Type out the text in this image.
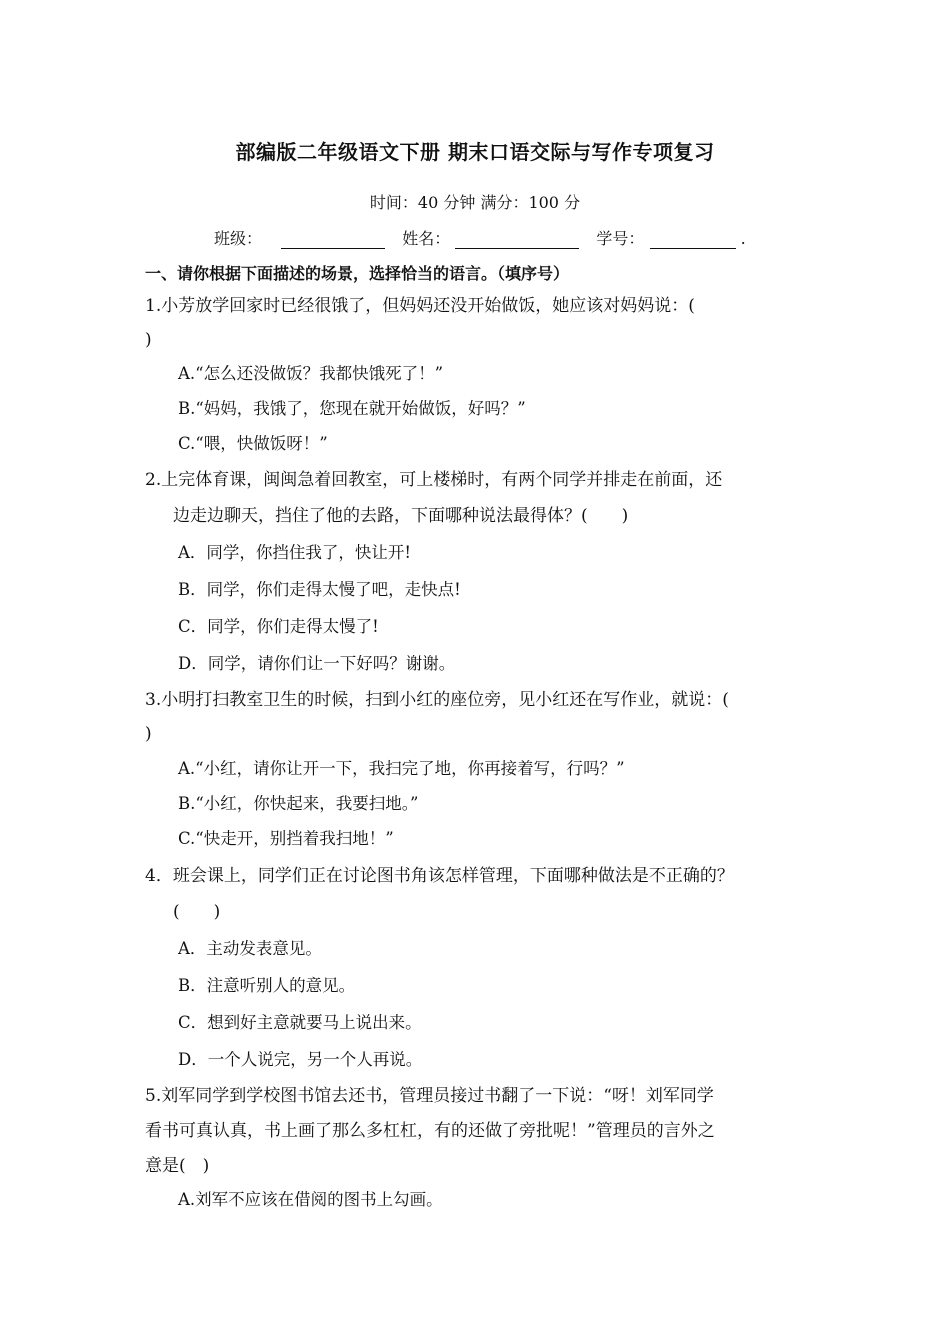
部编版二年级语文下册 期末口语交际与写作专项复习
时间：40 分钟 满分：100 分
班级：	姓名：	学号：	.
一、请你根据下面描述的场景，选择恰当的语言。（填序号）
1.小芳放学回家时已经很饿了，但妈妈还没开始做饭，她应该对妈妈说：(
)
A.“怎么还没做饭？我都快饿死了！”
B.“妈妈，我饿了，您现在就开始做饭，好吗？”
C.“喂，快做饭呀！”
2.上完体育课，闽闽急着回教室，可上楼梯时，有两个同学并排走在前面，还
边走边聊天，挡住了他的去路，下面哪种说法最得体？(　　)
A．同学，你挡住我了，快让开!
B．同学，你们走得太慢了吧，走快点!
C．同学，你们走得太慢了!
D．同学，请你们让一下好吗？谢谢。
3.小明打扫教室卫生的时候，扫到小红的座位旁，见小红还在写作业，就说：(
)
A.“小红，请你让开一下，我扫完了地，你再接着写，行吗？”
B.“小红，你快起来，我要扫地。”
C.“快走开，别挡着我扫地！”
4．班会课上，同学们正在讨论图书角该怎样管理，下面哪种做法是不正确的？
(　　)
A．主动发表意见。
B．注意听别人的意见。
C．想到好主意就要马上说出来。
D．一个人说完，另一个人再说。
5.刘军同学到学校图书馆去还书，管理员接过书翻了一下说：“呀！刘军同学
看书可真认真，书上画了那么多杠杠，有的还做了旁批呢！”管理员的言外之
意是(　)
A.刘军不应该在借阅的图书上勾画。
